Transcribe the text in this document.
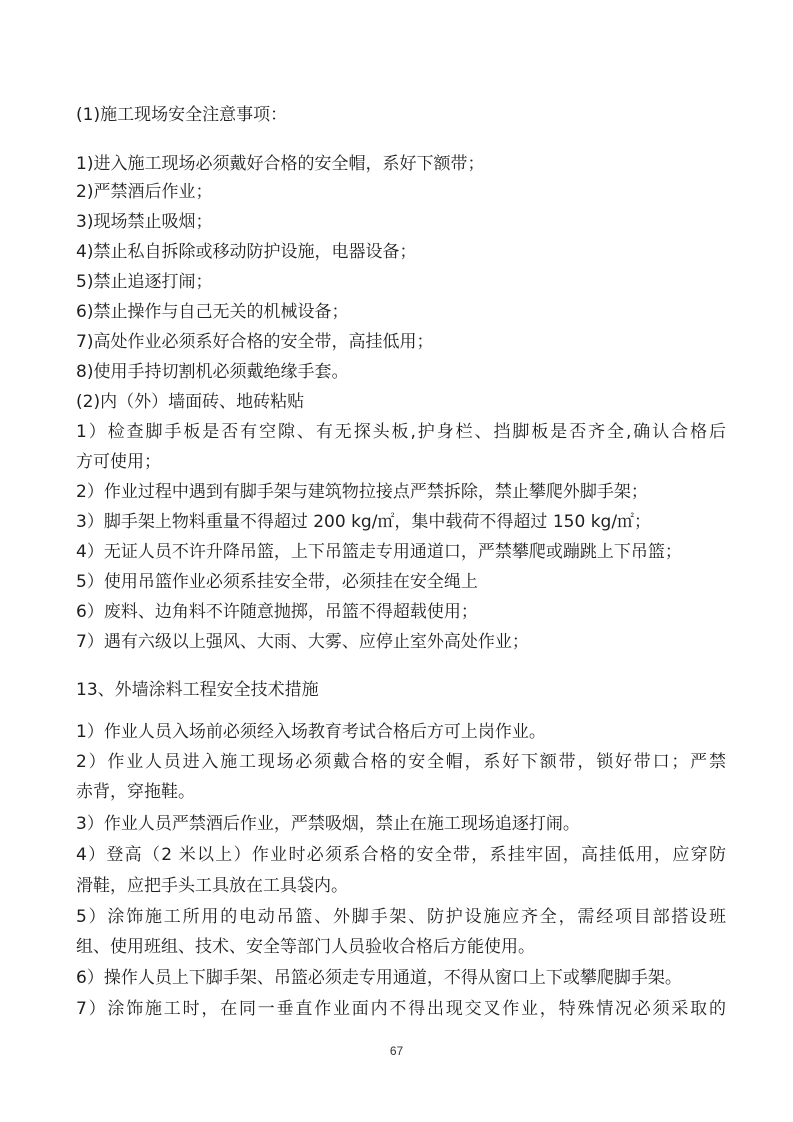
(1)施工现场安全注意事项：
1)进入施工现场必须戴好合格的安全帽，系好下额带；
2)严禁酒后作业；
3)现场禁止吸烟；
4)禁止私自拆除或移动防护设施，电器设备；
5)禁止追逐打闹；
6)禁止操作与自己无关的机械设备；
7)高处作业必须系好合格的安全带，高挂低用；
8)使用手持切割机必须戴绝缘手套。
(2)内（外）墙面砖、地砖粘贴
1）检查脚手板是否有空隙、有无探头板,护身栏、挡脚板是否齐全,确认合格后
方可使用；
2）作业过程中遇到有脚手架与建筑物拉接点严禁拆除，禁止攀爬外脚手架；
3）脚手架上物料重量不得超过 200 kg/㎡，集中载荷不得超过 150 kg/㎡；
4）无证人员不许升降吊篮，上下吊篮走专用通道口，严禁攀爬或蹦跳上下吊篮；
5）使用吊篮作业必须系挂安全带，必须挂在安全绳上
6）废料、边角料不许随意抛掷，吊篮不得超载使用；
7）遇有六级以上强风、大雨、大雾、应停止室外高处作业；
13、外墙涂料工程安全技术措施
1）作业人员入场前必须经入场教育考试合格后方可上岗作业。
2）作业人员进入施工现场必须戴合格的安全帽，系好下额带，锁好带口；严禁
赤背，穿拖鞋。
3）作业人员严禁酒后作业，严禁吸烟，禁止在施工现场追逐打闹。
4）登高（2 米以上）作业时必须系合格的安全带，系挂牢固，高挂低用，应穿防
滑鞋，应把手头工具放在工具袋内。
5）涂饰施工所用的电动吊篮、外脚手架、防护设施应齐全，需经项目部搭设班
组、使用班组、技术、安全等部门人员验收合格后方能使用。
6）操作人员上下脚手架、吊篮必须走专用通道，不得从窗口上下或攀爬脚手架。
7）涂饰施工时，在同一垂直作业面内不得出现交叉作业，特殊情况必须采取的
67
